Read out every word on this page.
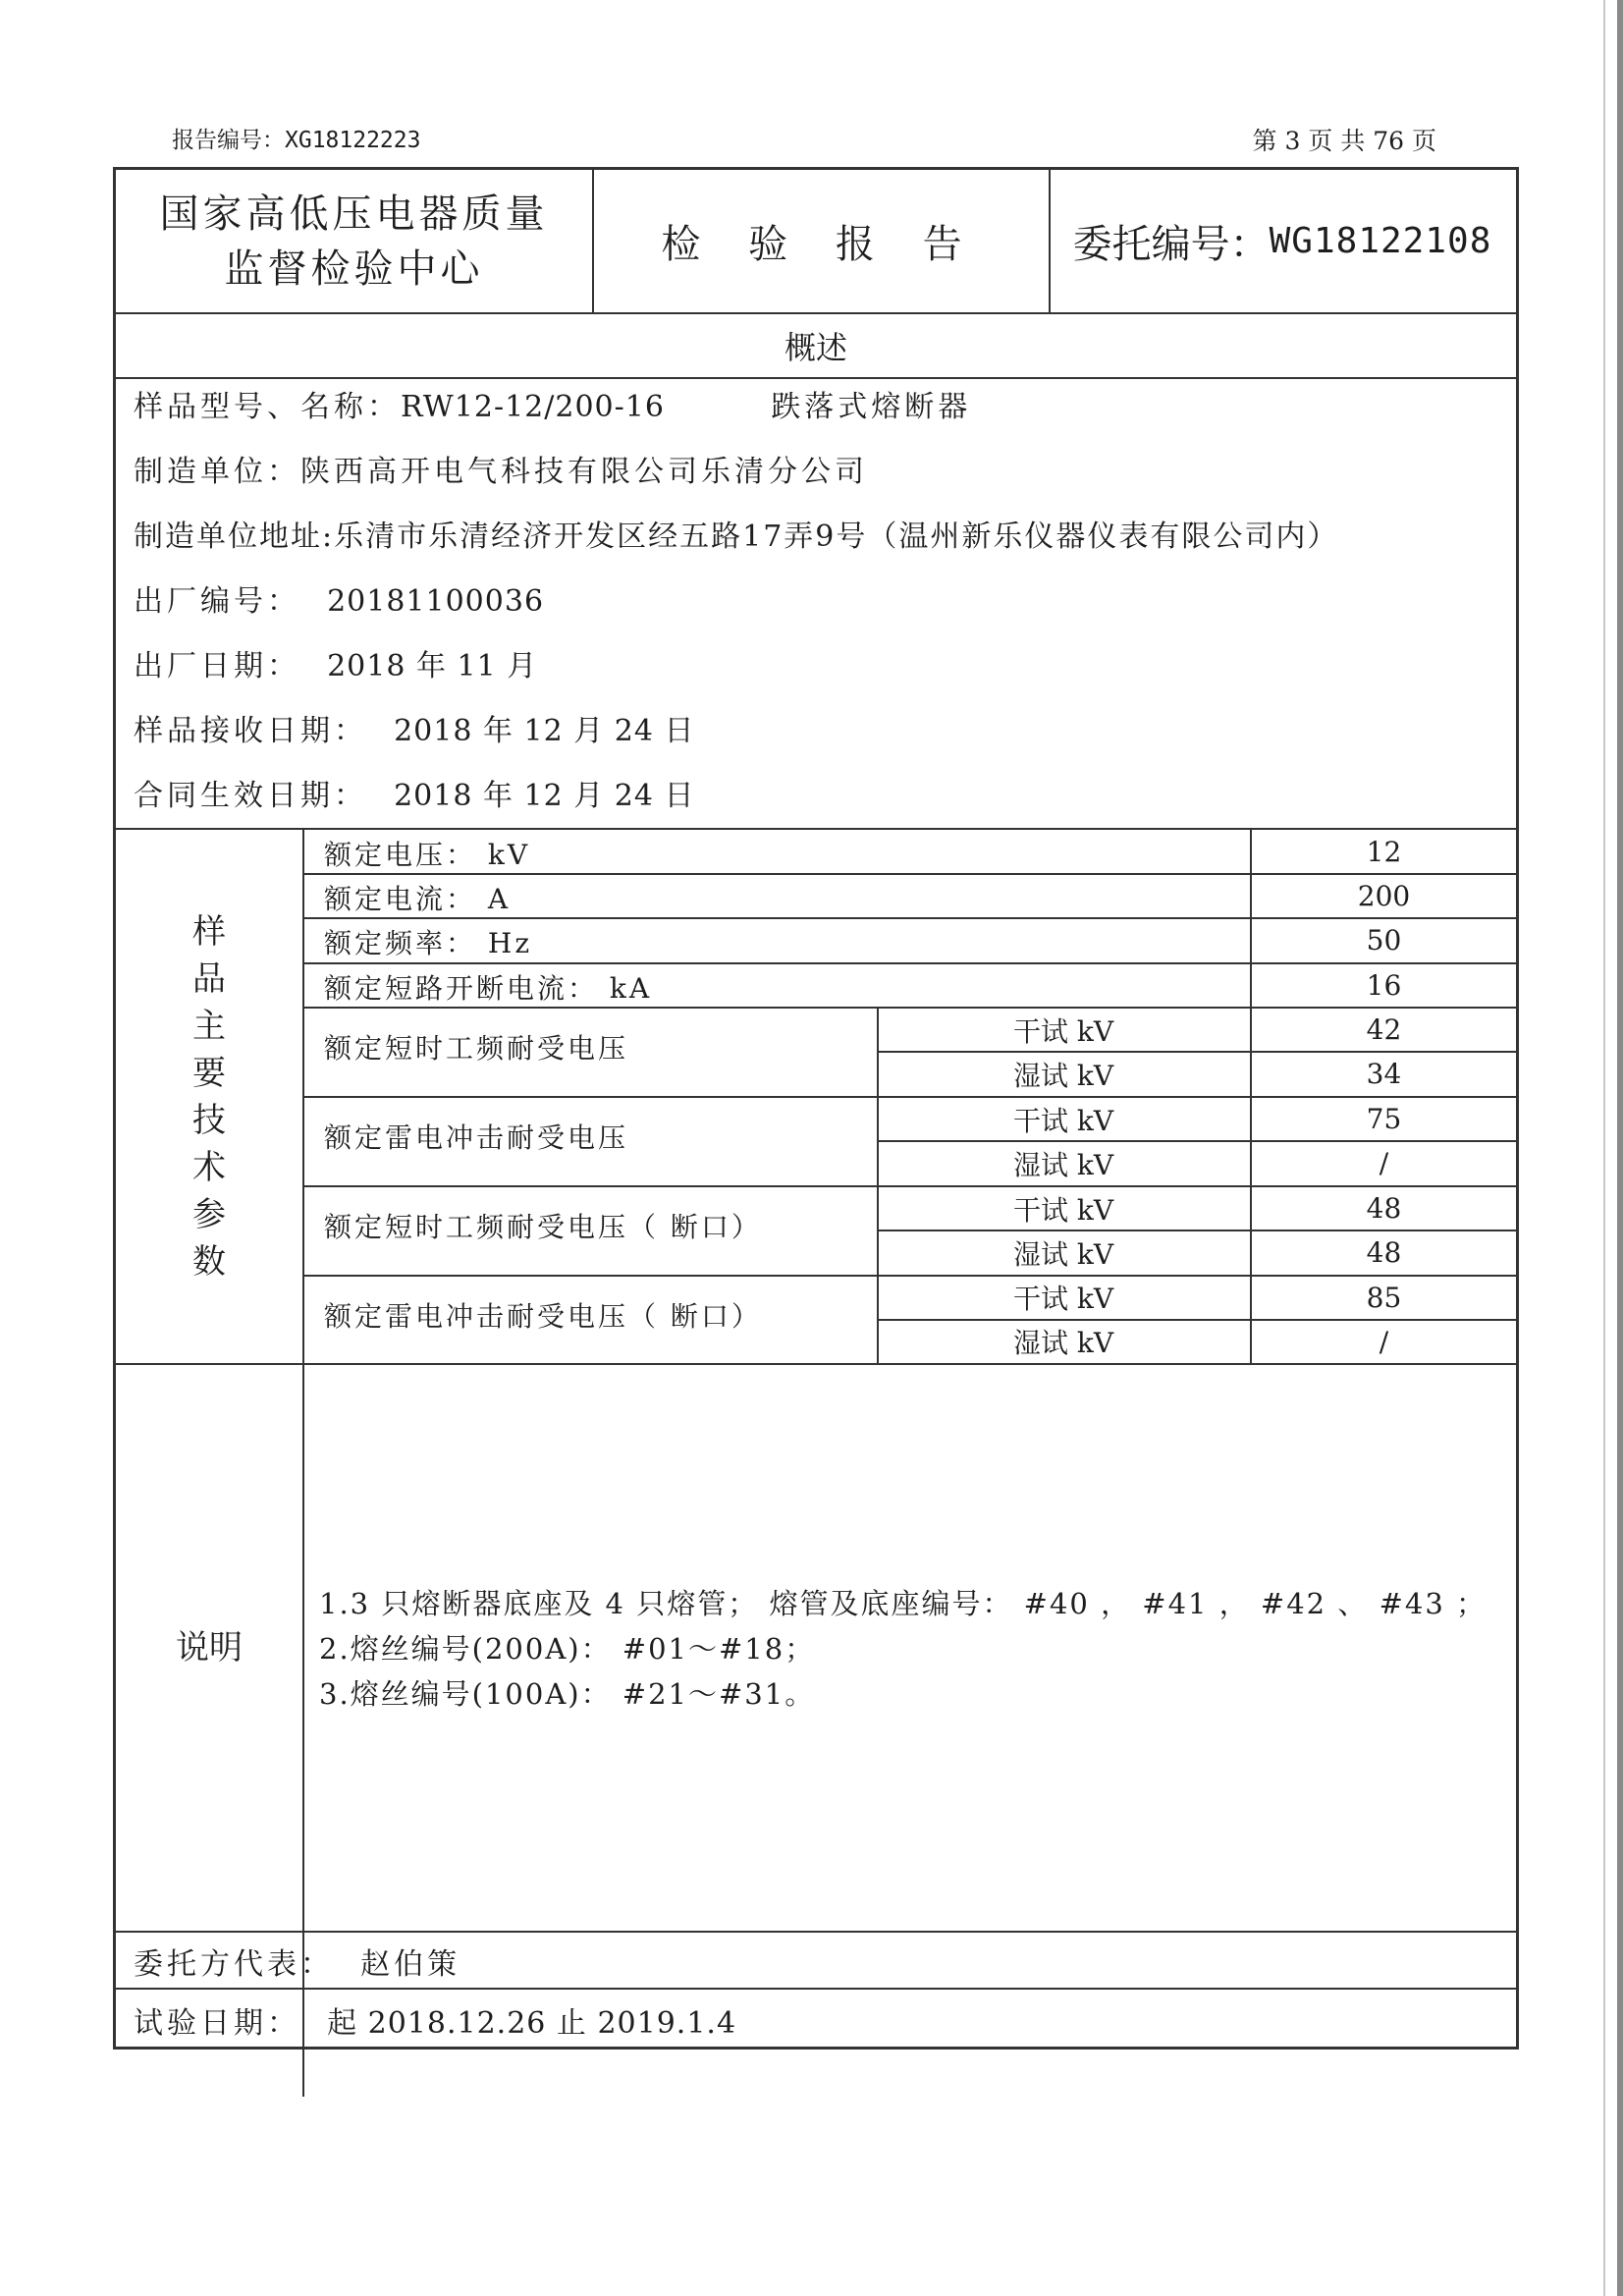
报告编号：XG18122223	第 3 页 共 76 页
国家高低压电器质量
监督检验中心
检 验 报 告	委托编号： WG18122108
概述
样品型号、名称：RW12-12/200-16	跌落式熔断器
制造单位：陕西高开电气科技有限公司乐清分公司
制造单位地址:乐清市乐清经济开发区经五路17弄9号（温州新乐仪器仪表有限公司内）
出厂编号： 20181100036
出厂日期： 2018 年 11 月
样品接收日期： 2018 年 12 月 24 日
合同生效日期： 2018 年 12 月 24 日
样
品
主
要
技
术
参
数
额定电压： kV	12
额定电流： A	200
额定频率： Hz	50
额定短路开断电流： kA	16
额定短时工频耐受电压
干试 kV	42
湿试 kV	34
额定雷电冲击耐受电压
干试 kV	75
湿试 kV	/
额定短时工频耐受电压（ 断口）
干试 kV	48
湿试 kV	48
额定雷电冲击耐受电压（ 断口）
干试 kV	85
湿试 kV	/
说明
1.3 只熔断器底座及 4 只熔管； 熔管及底座编号： #40 ， #41 ， #42 、 #43 ；
2.熔丝编号(200A)： #01～#18；
3.熔丝编号(100A)： #21～#31。
委托方代表： 赵伯策
试验日期： 起 2018.12.26 止 2019.1.4
